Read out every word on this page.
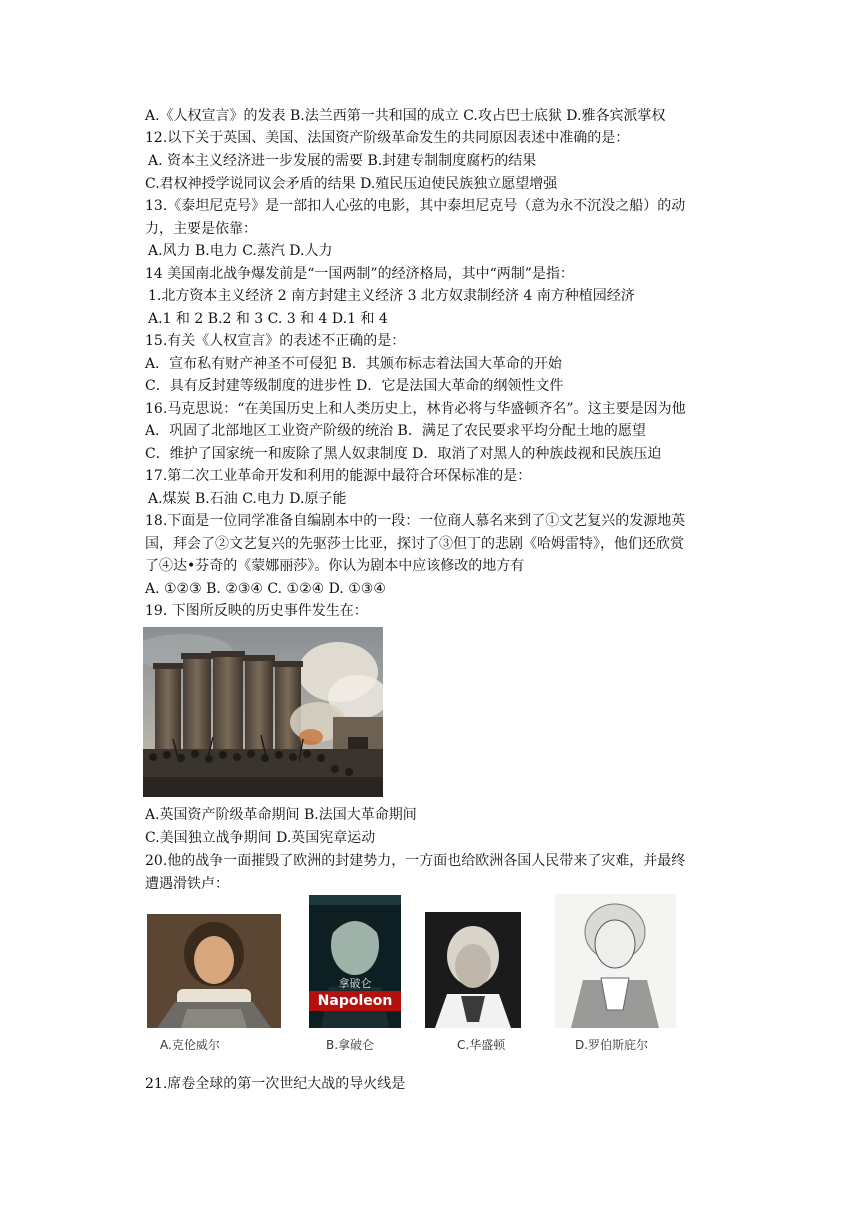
A.《人权宣言》的发表 B.法兰西第一共和国的成立 C.攻占巴士底狱 D.雅各宾派掌权
12.以下关于英国、美国、法国资产阶级革命发生的共同原因表述中准确的是：
A. 资本主义经济进一步发展的需要 B.封建专制制度腐朽的结果
C.君权神授学说同议会矛盾的结果 D.殖民压迫使民族独立愿望增强
13.《泰坦尼克号》是一部扣人心弦的电影，其中泰坦尼克号（意为永不沉没之船）的动
力，主要是依靠：
A.风力 B.电力 C.蒸汽 D.人力
14 美国南北战争爆发前是“一国两制”的经济格局，其中“两制”是指：
1.北方资本主义经济 2 南方封建主义经济 3 北方奴隶制经济 4 南方种植园经济
A.1 和 2 B.2 和 3 C. 3 和 4 D.1 和 4
15.有关《人权宣言》的表述不正确的是：
A．宣布私有财产神圣不可侵犯 B．其颁布标志着法国大革命的开始
C．具有反封建等级制度的进步性 D．它是法国大革命的纲领性文件
16.马克思说：“在美国历史上和人类历史上，林肯必将与华盛顿齐名”。这主要是因为他
A．巩固了北部地区工业资产阶级的统治 B．满足了农民要求平均分配土地的愿望
C．维护了国家统一和废除了黑人奴隶制度 D．取消了对黑人的种族歧视和民族压迫
17.第二次工业革命开发和利用的能源中最符合环保标准的是：
A.煤炭 B.石油 C.电力 D.原子能
18.下面是一位同学准备自编剧本中的一段：一位商人慕名来到了①文艺复兴的发源地英
国，拜会了②文艺复兴的先驱莎士比亚，探讨了③但丁的悲剧《哈姆雷特》，他们还欣赏
了④达•芬奇的《蒙娜丽莎》。你认为剧本中应该修改的地方有
A. ①②③ B. ②③④ C. ①②④ D. ①③④
19. 下图所反映的历史事件发生在：
A.英国资产阶级革命期间 B.法国大革命期间
C.美国独立战争期间 D.英国宪章运动
20.他的战争一面摧毁了欧洲的封建势力，一方面也给欧洲各国人民带来了灾难，并最终
遭遇滑铁卢：
拿破仑
Napoleon
A.克伦威尔	B.拿破仑	C.华盛顿	D.罗伯斯庇尔
21.席卷全球的第一次世纪大战的导火线是
